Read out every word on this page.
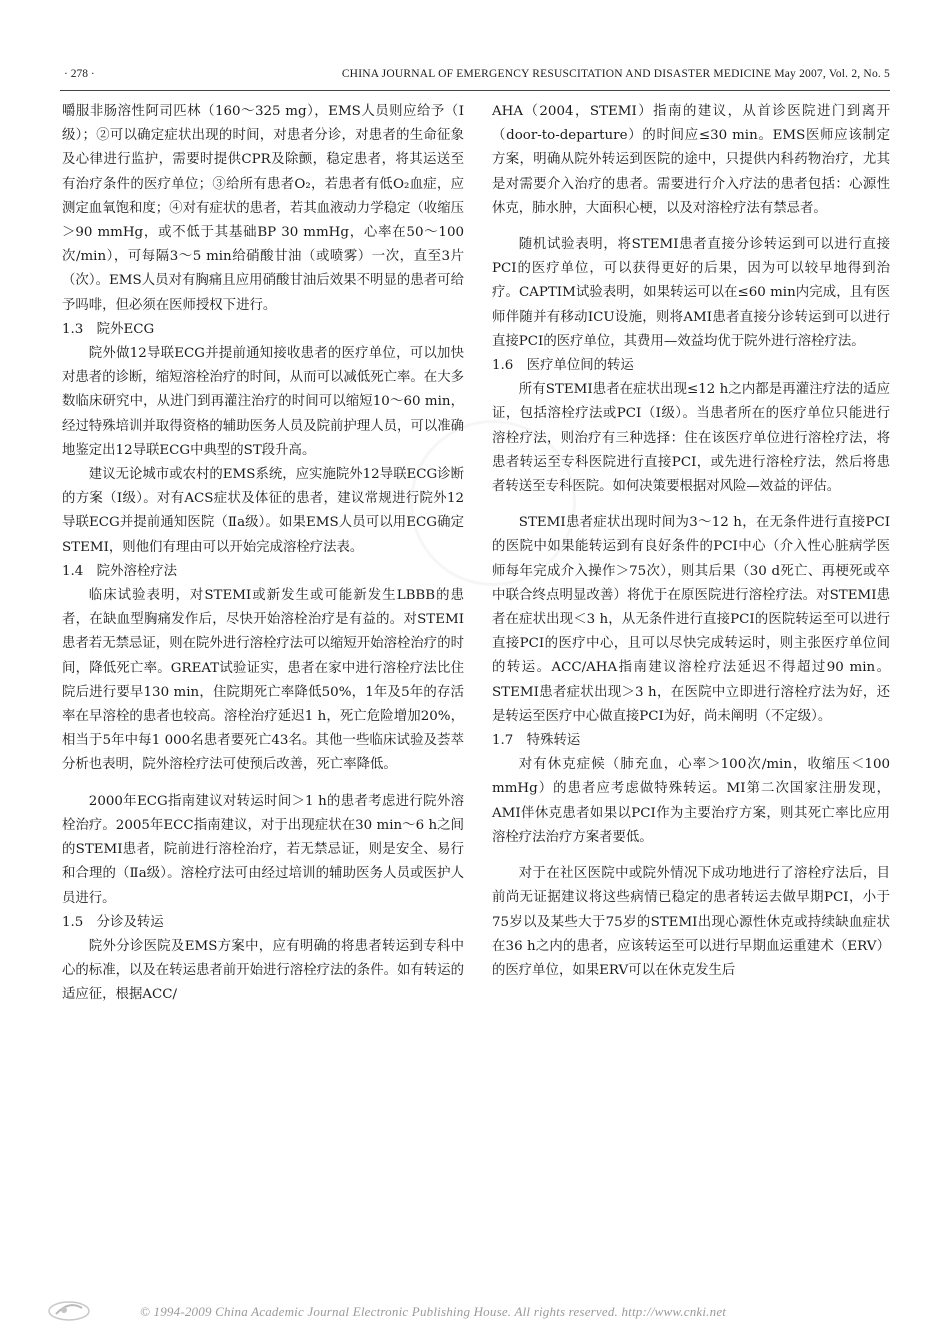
· 278 ·	CHINA JOURNAL OF EMERGENCY RESUSCITATION AND DISASTER MEDICINE May 2007, Vol. 2, No. 5

嚼服非肠溶性阿司匹林（160～325 mg），EMS人员则应给予（I级）；②可以确定症状出现的时间，对患者分诊，对患者的生命征象及心律进行监护，需要时提供CPR及除颤，稳定患者，将其运送至有治疗条件的医疗单位；③给所有患者O₂，若患者有低O₂血症，应测定血氧饱和度；④对有症状的患者，若其血液动力学稳定（收缩压＞90 mmHg，或不低于其基础BP 30 mmHg，心率在50～100次/min），可每隔3～5 min给硝酸甘油（或喷雾）一次，直至3片（次）。EMS人员对有胸痛且应用硝酸甘油后效果不明显的患者可给予吗啡，但必须在医师授权下进行。

1.3　院外ECG

院外做12导联ECG并提前通知接收患者的医疗单位，可以加快对患者的诊断，缩短溶栓治疗的时间，从而可以减低死亡率。在大多数临床研究中，从进门到再灌注治疗的时间可以缩短10～60 min，经过特殊培训并取得资格的辅助医务人员及院前护理人员，可以准确地鉴定出12导联ECG中典型的ST段升高。

建议无论城市或农村的EMS系统，应实施院外12导联ECG诊断的方案（I级）。对有ACS症状及体征的患者，建议常规进行院外12导联ECG并提前通知医院（Ⅱa级）。如果EMS人员可以用ECG确定STEMI，则他们有理由可以开始完成溶栓疗法表。

1.4　院外溶栓疗法

临床试验表明，对STEMI或新发生或可能新发生LBBB的患者，在缺血型胸痛发作后，尽快开始溶栓治疗是有益的。对STEMI患者若无禁忌证，则在院外进行溶栓疗法可以缩短开始溶栓治疗的时间，降低死亡率。GREAT试验证实，患者在家中进行溶栓疗法比住院后进行要早130 min，住院期死亡率降低50%，1年及5年的存活率在早溶栓的患者也较高。溶栓治疗延迟1 h，死亡危险增加20%，相当于5年中每1 000名患者要死亡43名。其他一些临床试验及荟萃分析也表明，院外溶栓疗法可使预后改善，死亡率降低。

2000年ECG指南建议对转运时间＞1 h的患者考虑进行院外溶栓治疗。2005年ECC指南建议，对于出现症状在30 min～6 h之间的STEMI患者，院前进行溶栓治疗，若无禁忌证，则是安全、易行和合理的（Ⅱa级）。溶栓疗法可由经过培训的辅助医务人员或医护人员进行。

1.5　分诊及转运

院外分诊医院及EMS方案中，应有明确的将患者转运到专科中心的标准，以及在转运患者前开始进行溶栓疗法的条件。如有转运的适应征，根据ACC/

AHA（2004，STEMI）指南的建议，从首诊医院进门到离开（door-to-departure）的时间应≤30 min。EMS医师应该制定方案，明确从院外转运到医院的途中，只提供内科药物治疗，尤其是对需要介入治疗的患者。需要进行介入疗法的患者包括：心源性休克，肺水肿，大面积心梗，以及对溶栓疗法有禁忌者。

随机试验表明，将STEMI患者直接分诊转运到可以进行直接PCI的医疗单位，可以获得更好的后果，因为可以较早地得到治疗。CAPTIM试验表明，如果转运可以在≤60 min内完成，且有医师伴随并有移动ICU设施，则将AMI患者直接分诊转运到可以进行直接PCI的医疗单位，其费用—效益均优于院外进行溶栓疗法。

1.6　医疗单位间的转运

所有STEMI患者在症状出现≤12 h之内都是再灌注疗法的适应证，包括溶栓疗法或PCI（I级）。当患者所在的医疗单位只能进行溶栓疗法，则治疗有三种选择：住在该医疗单位进行溶栓疗法，将患者转运至专科医院进行直接PCI，或先进行溶栓疗法，然后将患者转送至专科医院。如何决策要根据对风险—效益的评估。

STEMI患者症状出现时间为3～12 h，在无条件进行直接PCI的医院中如果能转运到有良好条件的PCI中心（介入性心脏病学医师每年完成介入操作＞75次），则其后果（30 d死亡、再梗死或卒中联合终点明显改善）将优于在原医院进行溶栓疗法。对STEMI患者在症状出现＜3 h，从无条件进行直接PCI的医院转运至可以进行直接PCI的医疗中心，且可以尽快完成转运时，则主张医疗单位间的转运。ACC/AHA指南建议溶栓疗法延迟不得超过90 min。STEMI患者症状出现＞3 h，在医院中立即进行溶栓疗法为好，还是转运至医疗中心做直接PCI为好，尚未阐明（不定级）。

1.7　特殊转运

对有休克症候（肺充血，心率＞100次/min，收缩压＜100 mmHg）的患者应考虑做特殊转运。MI第二次国家注册发现，AMI伴休克患者如果以PCI作为主要治疗方案，则其死亡率比应用溶栓疗法治疗方案者要低。

对于在社区医院中或院外情况下成功地进行了溶栓疗法后，目前尚无证据建议将这些病情已稳定的患者转运去做早期PCI，小于75岁以及某些大于75岁的STEMI出现心源性休克或持续缺血症状在36 h之内的患者，应该转运至可以进行早期血运重建术（ERV）的医疗单位，如果ERV可以在休克发生后

© 1994-2009 China Academic Journal Electronic Publishing House. All rights reserved. http://www.cnki.net
